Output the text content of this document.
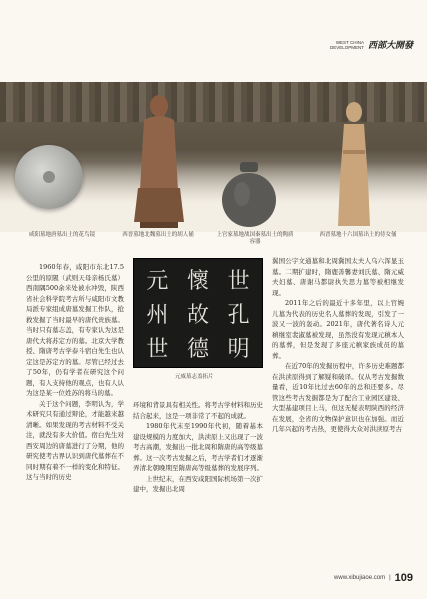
WEST CHINA
DEVELOPMENT 西部大開發
咸阳墓地唐墓出土的花鸟镜	西晋墓地北魏墓出土的胡人俑	上官家墓地战国秦墓出土的陶质容器
西晋墓地十六国墓出土的侍女俑

1960年春，咸阳市东北17.5公里的原隰（武则天母亲杨氏墓）西南隅500余米处被水冲毁，陕西省社会科学院考古所与咸阳市文教局派专家组成唐墓发掘工作队，抢救发掘了当时最早的唐代贵族墓。当时只有墓志盖，有专家认为这是唐代大将苏定方的墓。北京大学教授、隋唐考古学泰斗宿白先生也认定这是苏定方的墓。尽管已经过去了50年，仍有学者在研究这个问题，有人支持他的观点，也有人认为这是某一位姓苏的将马的墓。

关于这个问题，李明认为，学术研究只有通过辩论，才能越来越清晰。如果发现的考古材料不受关注，就没有多大价值。宿白先生对西安周边的唐墓进行了分期，他的研究使考古界认识到唐代墓葬在不同时期有着不一样的变化和特征。这与当时的历史

元 懷 世
州 故 孔
世 德 明
元威墓志盖拓片

环境和背景具有相关性。将考古学材料和历史结合起来，这是一项非常了不起的成就。

1980年代末至1990年代初，随着基本建设规模的力度加大，洪渎原上又出现了一波考古高潮，发掘出一批北周和隋唐的高等级墓葬。这一次考古发掘之后，考古学者们才逐渐弄清北朝晚期至隋唐高等级墓葬的发展序列。

上世纪末，在西安咸阳国际机场第一次扩建中，发掘出北周

翼国公宇文通墓和北周冀国太夫人乌六浑显玉墓。二期扩建时，隋鹿善馨妻刘氏墓、隋元威夫妇墓、唐谢马都尉执失思力墓等被相继发现。

2011年之后的最近十多年里，以上官婉儿墓为代表的历史名人墓葬的发现，引发了一波又一波的轰动。2021年，唐代著名诗人元稹继室裴淑墓被发现，虽然没有发现元稹本人的墓葬，但是发现了多座元稹家族成员的墓葬。

在近70年的发掘历程中，许多历史难题都在洪渎原得到了解疑和破译。仅从考古发掘数量看，近10年比过去60年的总和还要多。尽管这些考古发掘都是为了配合工业园区建设、大型基建项目上马，但这无疑表明陕西的经济在发展，全省的文物保护意识也在加强。而近几年兴起的考古热，更使得大众对洪渎原考古

www.xibujiaoe.com | 109
